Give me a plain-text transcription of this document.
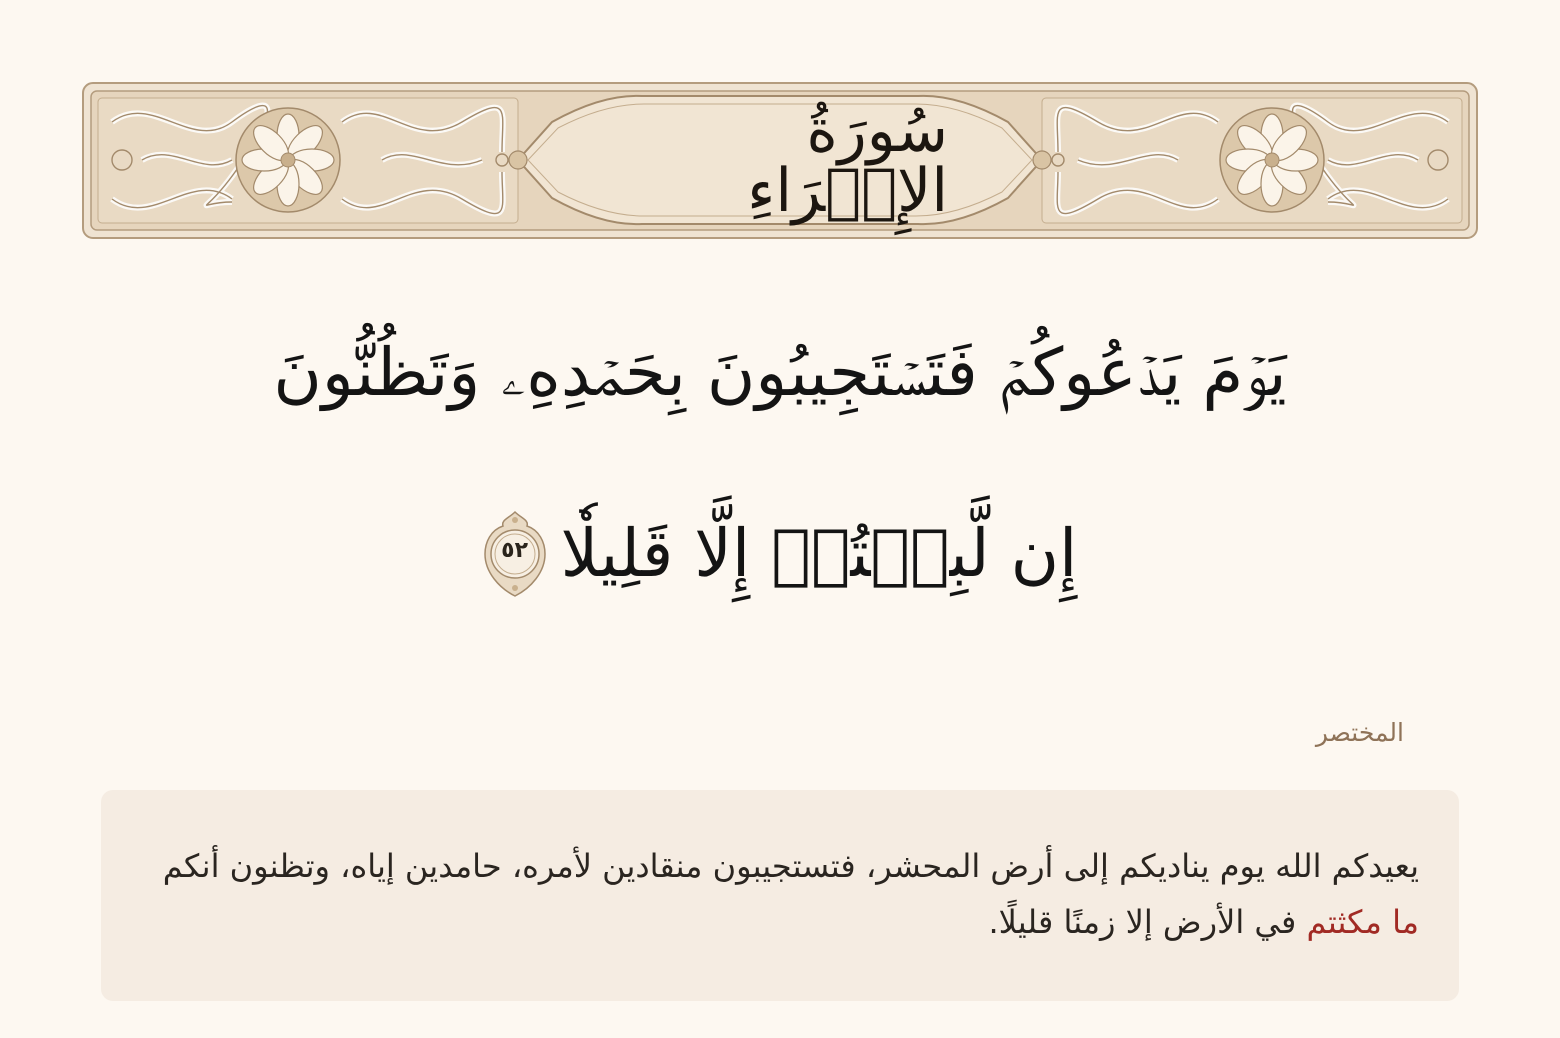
سُورَةُ الإِسۡرَاءِ
يَوۡمَ يَدۡعُوكُمۡ فَتَسۡتَجِيبُونَ بِحَمۡدِهِۦ وَتَظُنُّونَ
إِن لَّبِثۡتُمۡ إِلَّا قَلِيلٗا
٥٢
المختصر
يعيدكم الله يوم يناديكم إلى أرض المحشر، فتستجيبون منقادين لأمره، حامدين إياه، وتظنون أنكم ما مكثتم في الأرض إلا زمنًا قليلًا.
